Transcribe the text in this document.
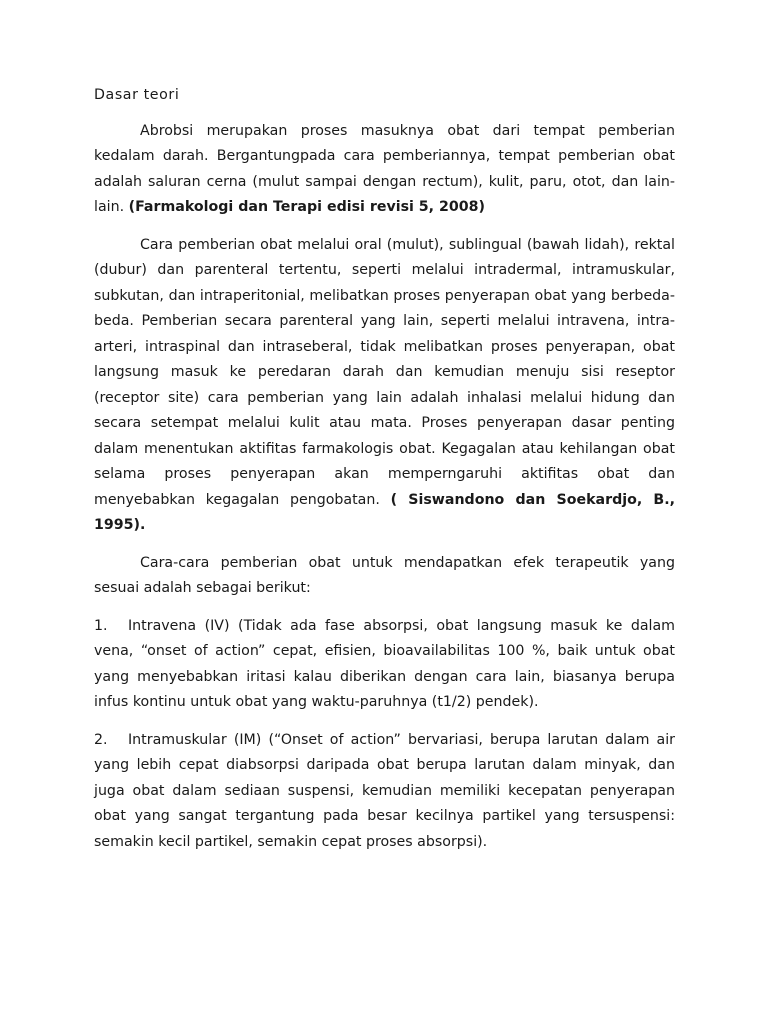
Dasar teori

Abrobsi merupakan proses masuknya obat dari tempat pemberian kedalam darah. Bergantungpada cara pemberiannya, tempat pemberian obat adalah saluran cerna (mulut sampai dengan rectum), kulit, paru, otot, dan lain-lain. (Farmakologi dan Terapi edisi revisi 5, 2008)

Cara pemberian obat melalui oral (mulut), sublingual (bawah lidah), rektal (dubur) dan parenteral tertentu, seperti melalui intradermal, intramuskular, subkutan, dan intraperitonial, melibatkan proses penyerapan obat yang berbeda-beda. Pemberian secara parenteral yang lain, seperti melalui intravena, intra-arteri, intraspinal dan intraseberal, tidak melibatkan proses penyerapan, obat langsung masuk ke peredaran darah dan kemudian menuju sisi reseptor (receptor site) cara pemberian yang lain adalah inhalasi melalui hidung dan secara setempat melalui kulit atau mata. Proses penyerapan dasar penting dalam menentukan aktifitas farmakologis obat. Kegagalan atau kehilangan obat selama proses penyerapan akan memperngaruhi aktifitas obat dan menyebabkan kegagalan pengobatan. ( Siswandono dan Soekardjo, B., 1995).

Cara-cara pemberian obat untuk mendapatkan efek terapeutik yang sesuai adalah sebagai berikut:

1. Intravena (IV) (Tidak ada fase absorpsi, obat langsung masuk ke dalam vena, “onset of action” cepat, efisien, bioavailabilitas 100 %, baik untuk obat yang menyebabkan iritasi kalau diberikan dengan cara lain, biasanya berupa infus kontinu untuk obat yang waktu-paruhnya (t1/2) pendek).

2. Intramuskular (IM) (“Onset of action” bervariasi, berupa larutan dalam air yang lebih cepat diabsorpsi daripada obat berupa larutan dalam minyak, dan juga obat dalam sediaan suspensi, kemudian memiliki kecepatan penyerapan obat yang sangat tergantung pada besar kecilnya partikel yang tersuspensi: semakin kecil partikel, semakin cepat proses absorpsi).
